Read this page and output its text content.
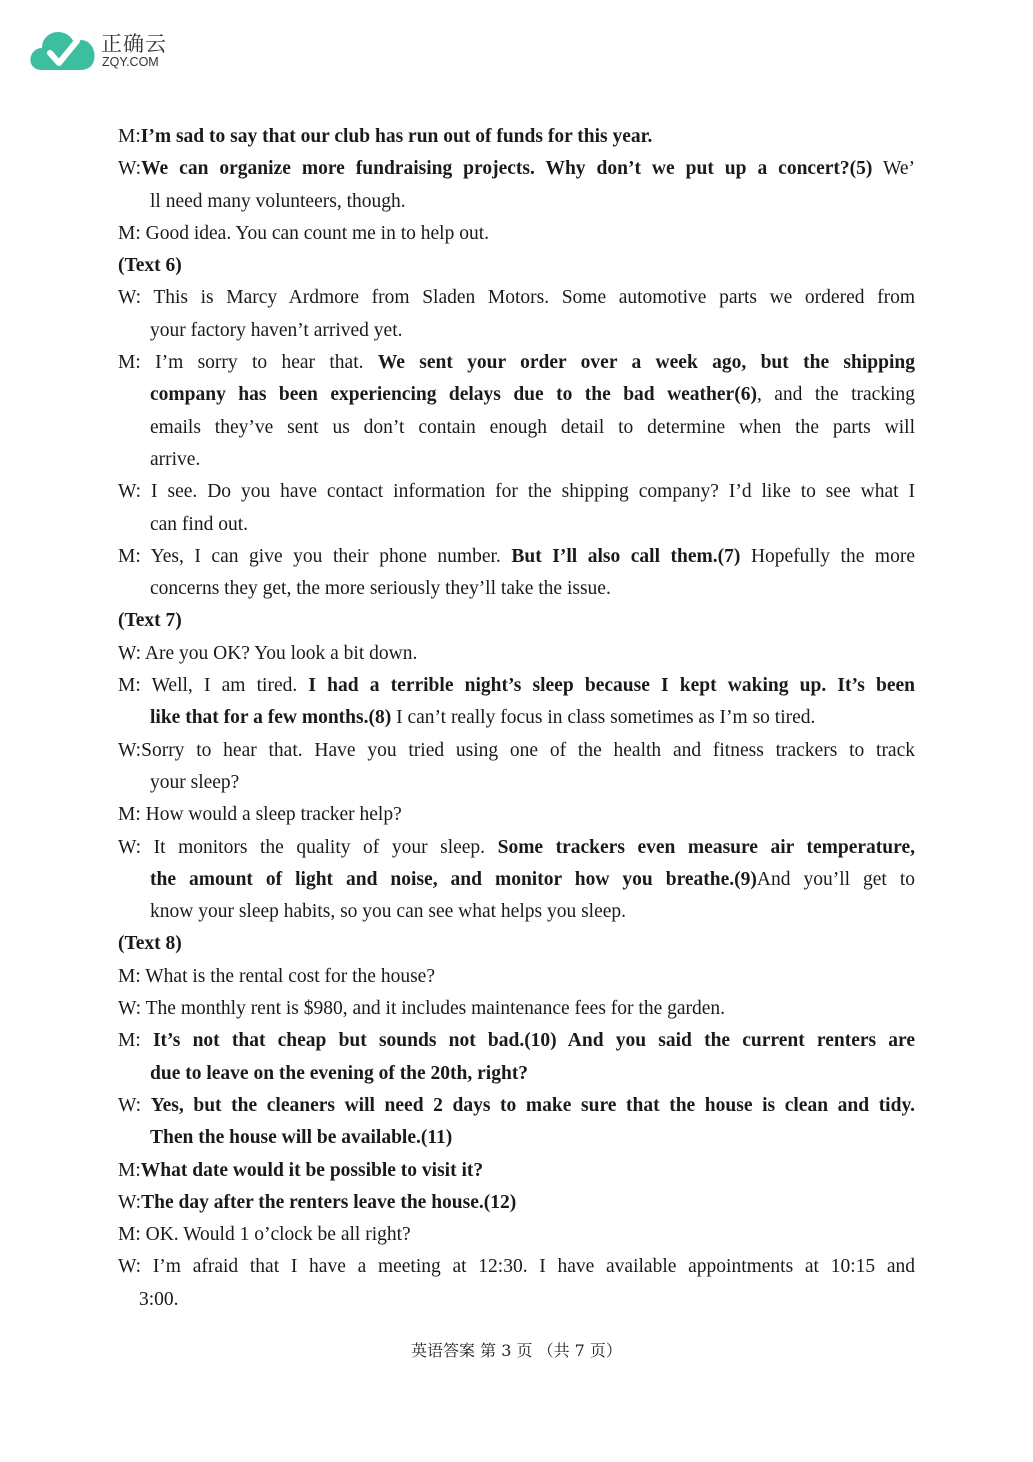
正确云
ZQY.COM
M:I’m sad to say that our club has run out of funds for this year.
W:We can organize more fundraising projects. Why don’t we put up a concert?(5) We’
ll need many volunteers, though.
M: Good idea. You can count me in to help out.
(Text 6)
W: This is Marcy Ardmore from Sladen Motors. Some automotive parts we ordered from
your factory haven’t arrived yet.
M: I’m sorry to hear that. We sent your order over a week ago, but the shipping
company has been experiencing delays due to the bad weather(6), and the tracking
emails they’ve sent us don’t contain enough detail to determine when the parts will
arrive.
W: I see. Do you have contact information for the shipping company? I’d like to see what I
can find out.
M: Yes, I can give you their phone number. But I’ll also call them.(7) Hopefully the more
concerns they get, the more seriously they’ll take the issue.
(Text 7)
W: Are you OK? You look a bit down.
M: Well, I am tired. I had a terrible night’s sleep because I kept waking up. It’s been
like that for a few months.(8) I can’t really focus in class sometimes as I’m so tired.
W:Sorry to hear that. Have you tried using one of the health and fitness trackers to track
your sleep?
M: How would a sleep tracker help?
W: It monitors the quality of your sleep. Some trackers even measure air temperature,
the amount of light and noise, and monitor how you breathe.(9)And you’ll get to
know your sleep habits, so you can see what helps you sleep.
(Text 8)
M: What is the rental cost for the house?
W: The monthly rent is $980, and it includes maintenance fees for the garden.
M: It’s not that cheap but sounds not bad.(10) And you said the current renters are
due to leave on the evening of the 20th, right?
W: Yes, but the cleaners will need 2 days to make sure that the house is clean and tidy.
Then the house will be available.(11)
M:What date would it be possible to visit it?
W:The day after the renters leave the house.(12)
M: OK. Would 1 o’clock be all right?
W: I’m afraid that I have a meeting at 12:30. I have available appointments at 10:15 and
3:00.
英语答案 第 3 页 （共 7 页）
